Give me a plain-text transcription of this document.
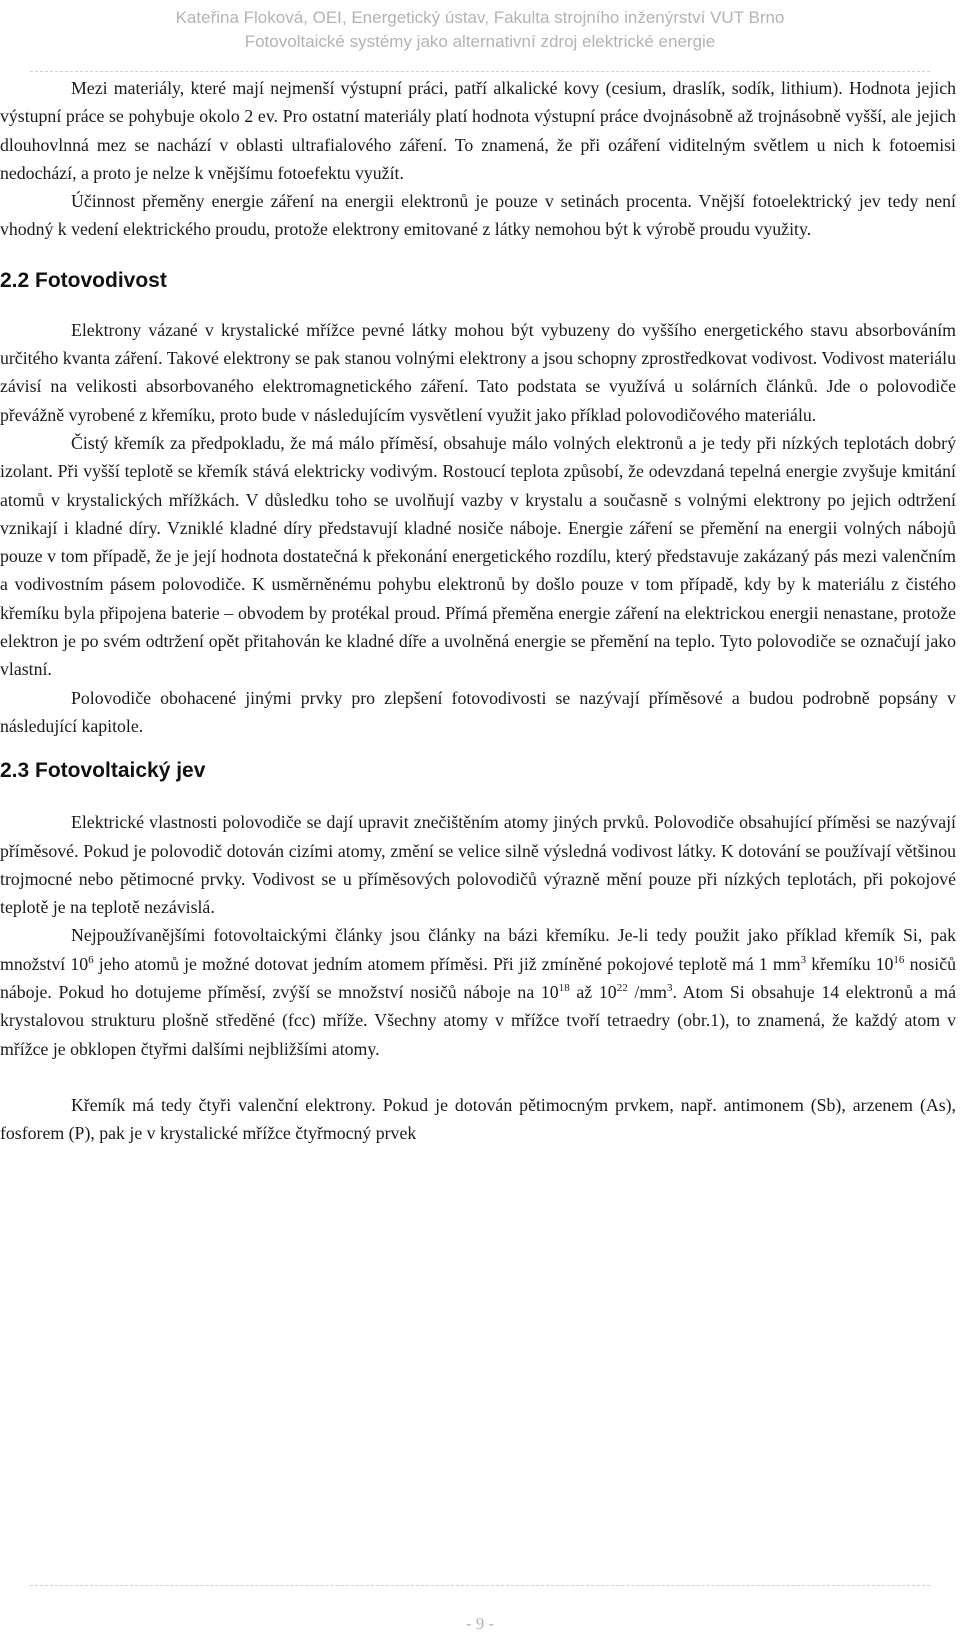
Kateřina Floková, OEI, Energetický ústav, Fakulta strojního inženýrství VUT Brno
Fotovoltaické systémy jako alternativní zdroj elektrické energie

Mezi materiály, které mají nejmenší výstupní práci, patří alkalické kovy (cesium, draslík, sodík, lithium). Hodnota jejich výstupní práce se pohybuje okolo 2 ev. Pro ostatní materiály platí hodnota výstupní práce dvojnásobně až trojnásobně vyšší, ale jejich dlouhovlnná mez se nachází v oblasti ultrafialového záření. To znamená, že při ozáření viditelným světlem u nich k fotoemisi nedochází, a proto je nelze k vnějšímu fotoefektu využít.

Účinnost přeměny energie záření na energii elektronů je pouze v setinách procenta. Vnější fotoelektrický jev tedy není vhodný k vedení elektrického proudu, protože elektrony emitované z látky nemohou být k výrobě proudu využity.

2.2 Fotovodivost

Elektrony vázané v krystalické mřížce pevné látky mohou být vybuzeny do vyššího energetického stavu absorbováním určitého kvanta záření. Takové elektrony se pak stanou volnými elektrony a jsou schopny zprostředkovat vodivost. Vodivost materiálu závisí na velikosti absorbovaného elektromagnetického záření. Tato podstata se využívá u solárních článků. Jde o polovodiče převážně vyrobené z křemíku, proto bude v následujícím vysvětlení využit jako příklad polovodičového materiálu.

Čistý křemík za předpokladu, že má málo příměsí, obsahuje málo volných elektronů a je tedy při nízkých teplotách dobrý izolant. Při vyšší teplotě se křemík stává elektricky vodivým. Rostoucí teplota způsobí, že odevzdaná tepelná energie zvyšuje kmitání atomů v krystalických mřížkách. V důsledku toho se uvolňují vazby v krystalu a současně s volnými elektrony po jejich odtržení vznikají i kladné díry. Vzniklé kladné díry představují kladné nosiče náboje. Energie záření se přemění na energii volných nábojů pouze v tom případě, že je její hodnota dostatečná k překonání energetického rozdílu, který představuje zakázaný pás mezi valenčním a vodivostním pásem polovodiče. K usměrněnému pohybu elektronů by došlo pouze v tom případě, kdy by k materiálu z čistého křemíku byla připojena baterie – obvodem by protékal proud. Přímá přeměna energie záření na elektrickou energii nenastane, protože elektron je po svém odtržení opět přitahován ke kladné díře a uvolněná energie se přemění na teplo. Tyto polovodiče se označují jako vlastní.

Polovodiče obohacené jinými prvky pro zlepšení fotovodivosti se nazývají příměsové a budou podrobně popsány v následující kapitole.

2.3 Fotovoltaický jev

Elektrické vlastnosti polovodiče se dají upravit znečištěním atomy jiných prvků. Polovodiče obsahující příměsi se nazývají příměsové. Pokud je polovodič dotován cizími atomy, změní se velice silně výsledná vodivost látky. K dotování se používají většinou trojmocné nebo pětimocné prvky. Vodivost se u příměsových polovodičů výrazně mění pouze při nízkých teplotách, při pokojové teplotě je na teplotě nezávislá.

Nejpoužívanějšími fotovoltaickými články jsou články na bázi křemíku. Je-li tedy použit jako příklad křemík Si, pak množství $10^6$ jeho atomů je možné dotovat jedním atomem příměsi. Při již zmíněné pokojové teplotě má 1 $mm^3$ křemíku $10^{16}$ nosičů náboje. Pokud ho dotujeme příměsí, zvýší se množství nosičů náboje na $10^{18}$ až $10^{22}$ $/mm^3$. Atom Si obsahuje 14 elektronů a má krystalovou strukturu plošně středěné (fcc) mříže. Všechny atomy v mřížce tvoří tetraedry (obr.1), to znamená, že každý atom v mřížce je obklopen čtyřmi dalšími nejbližšími atomy.

Křemík má tedy čtyři valenční elektrony. Pokud je dotován pětimocným prvkem, např. antimonem (Sb), arzenem (As), fosforem (P), pak je v krystalické mřížce čtyřmocný prvek

- 9 -
